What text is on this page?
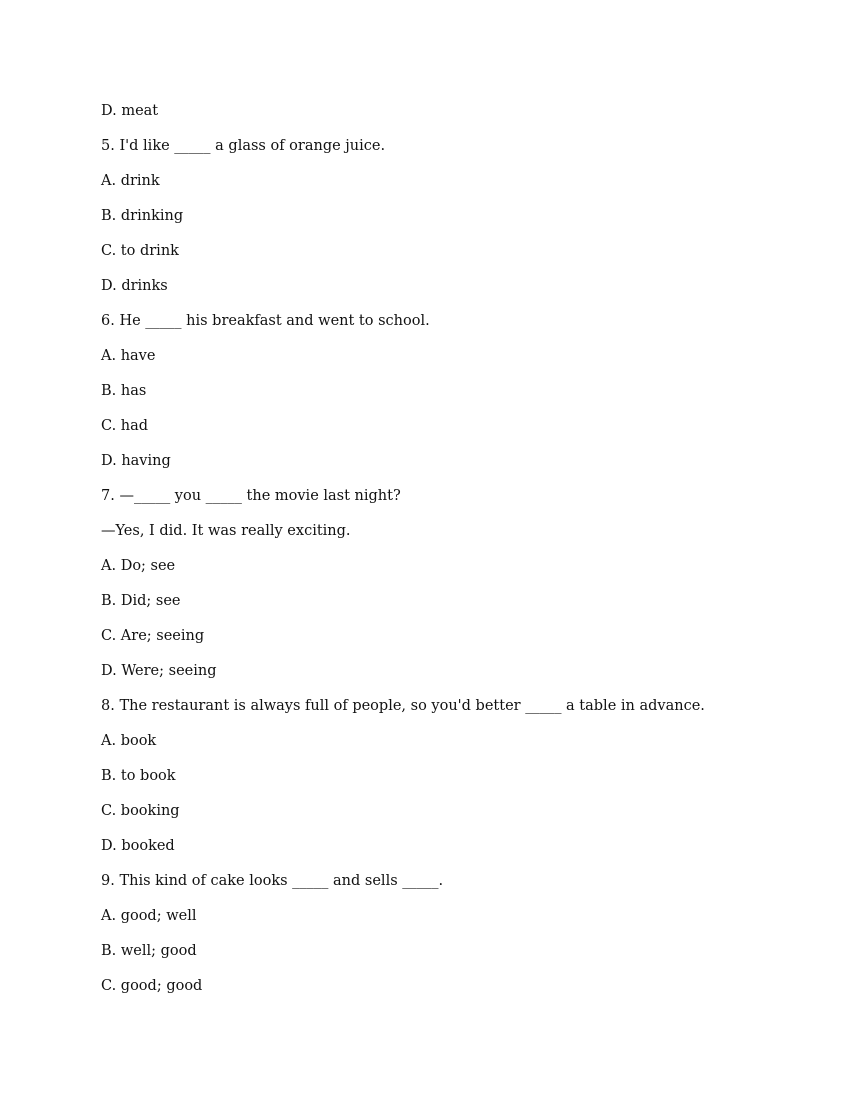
D. meat

5. I'd like _____ a glass of orange juice.

A. drink

B. drinking

C. to drink

D. drinks

6. He _____ his breakfast and went to school.

A. have

B. has

C. had

D. having

7. —_____ you _____ the movie last night?

—Yes, I did. It was really exciting.

A. Do; see

B. Did; see

C. Are; seeing

D. Were; seeing

8. The restaurant is always full of people, so you'd better _____ a table in advance.

A. book

B. to book

C. booking

D. booked

9. This kind of cake looks _____ and sells _____.

A. good; well

B. well; good

C. good; good
